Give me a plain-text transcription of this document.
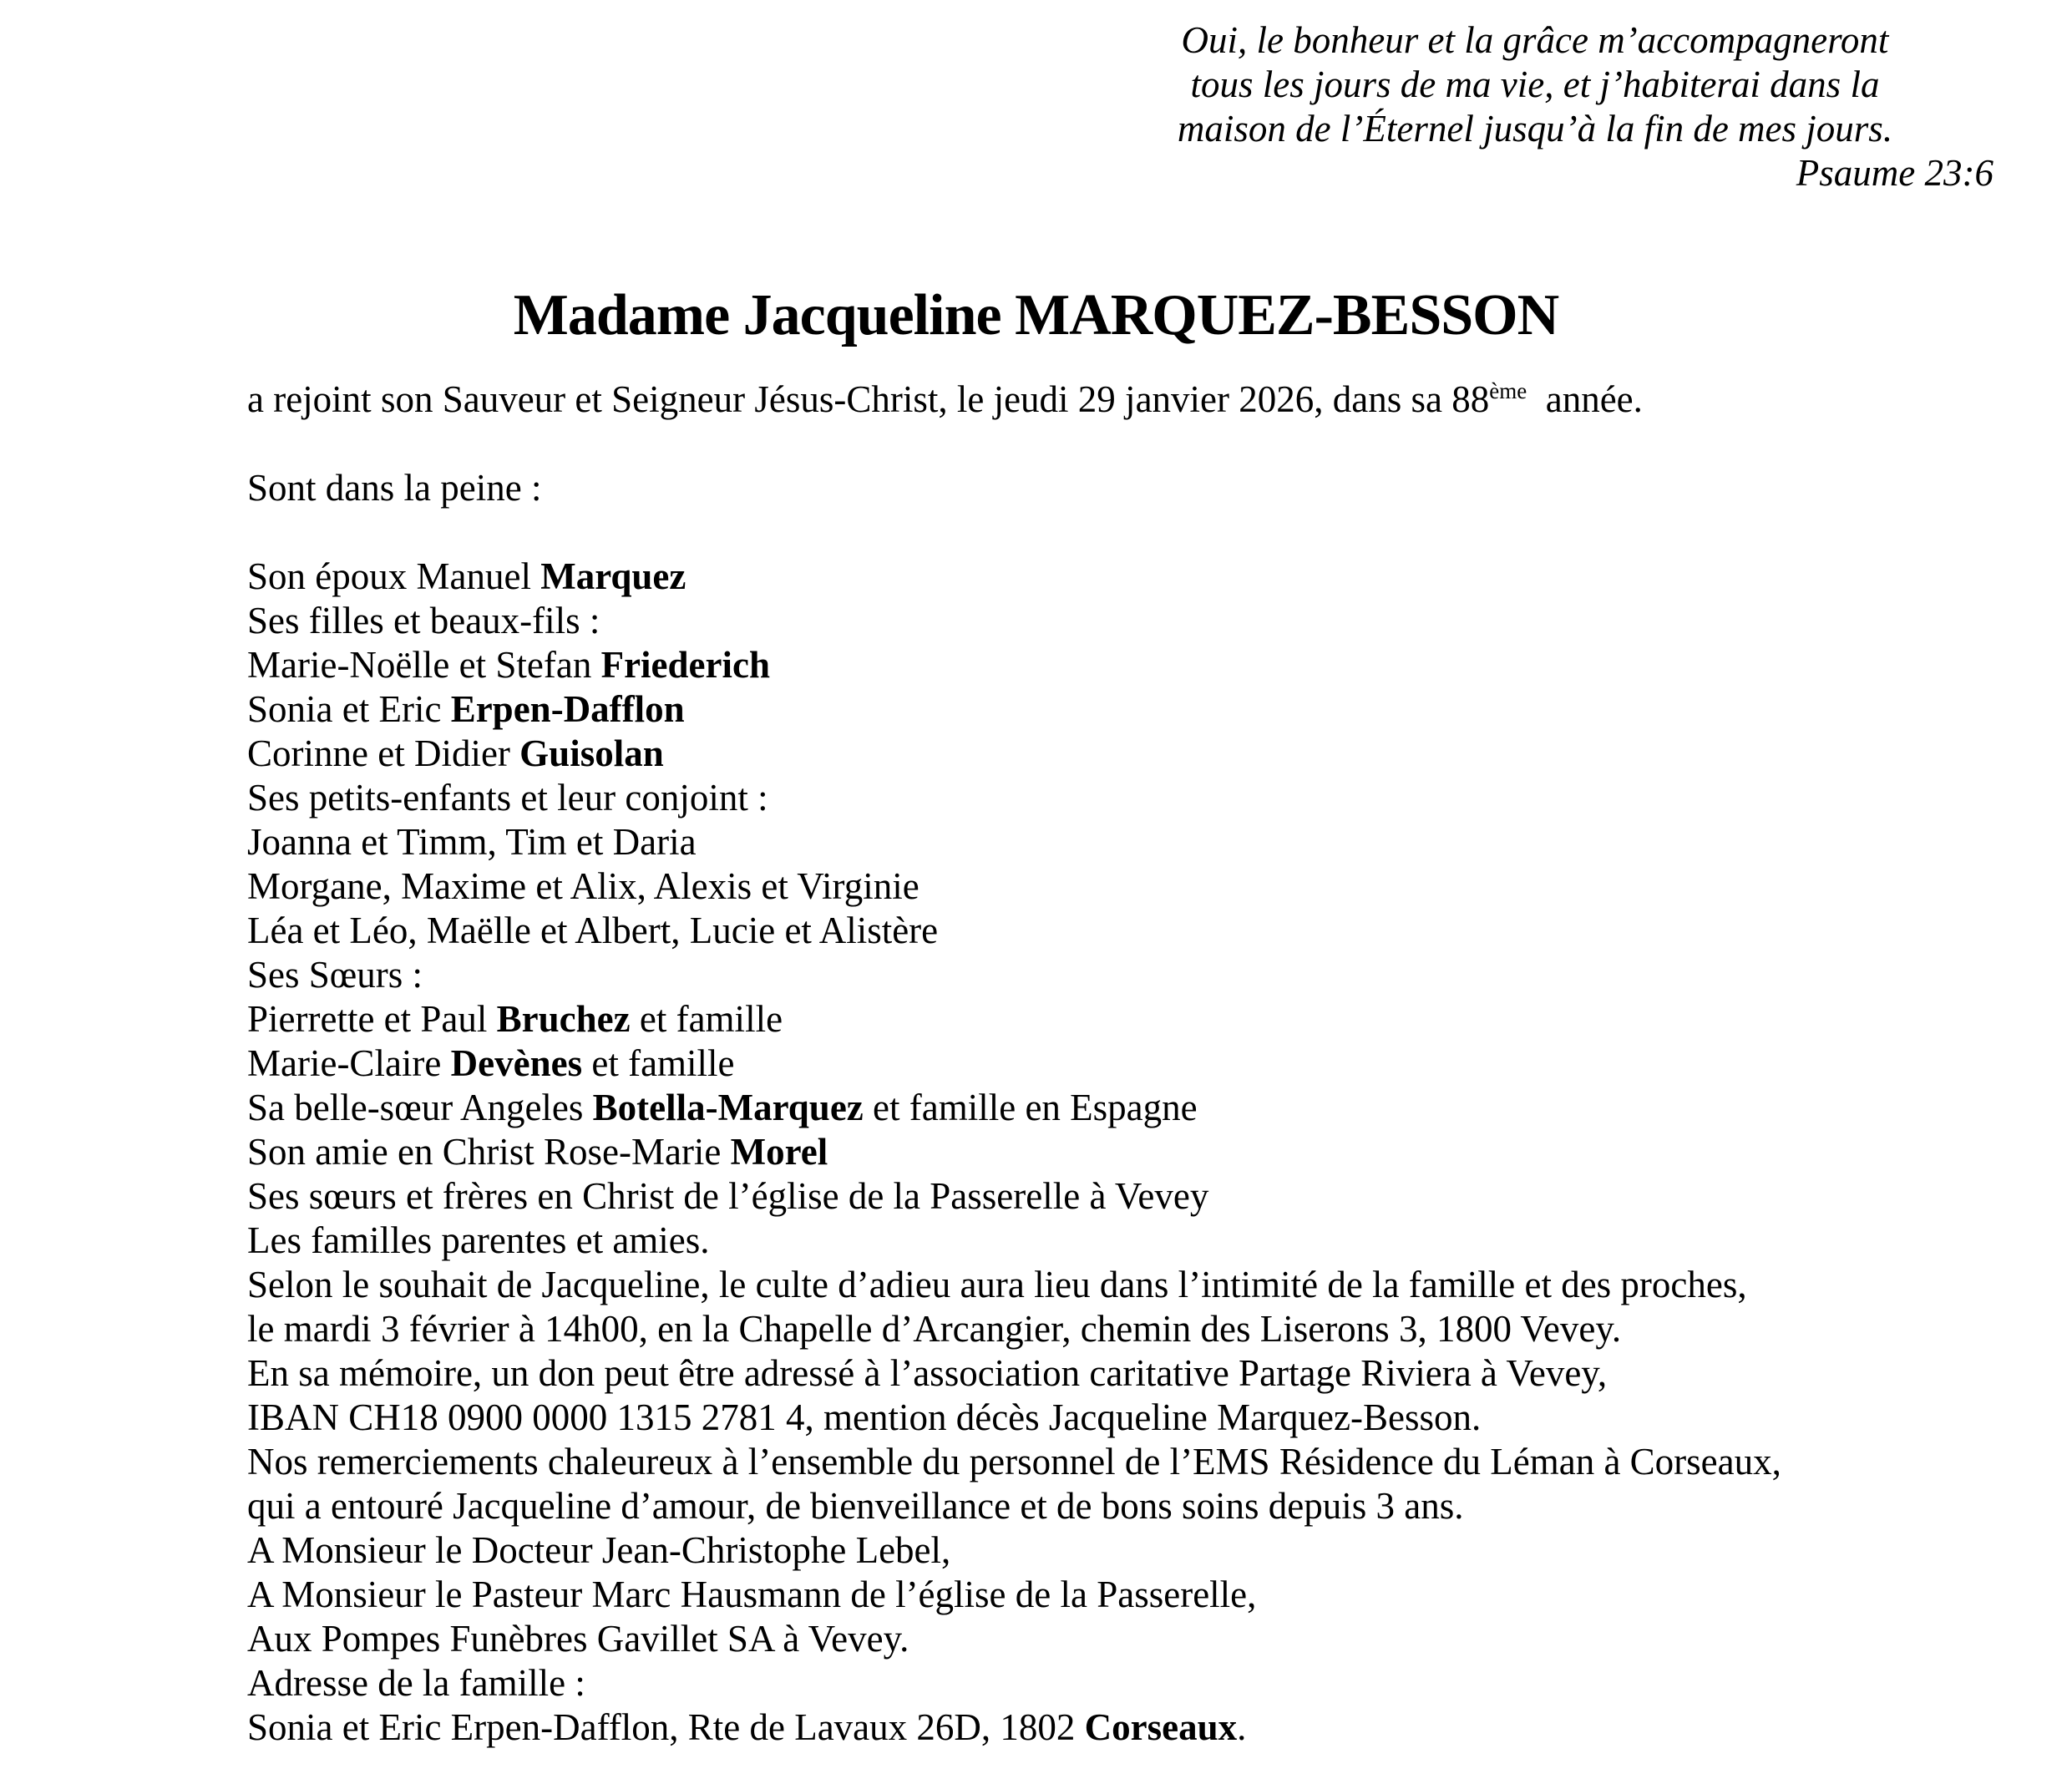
Oui, le bonheur et la grâce m’accompagneront
tous les jours de ma vie, et j’habiterai dans la
maison de l’Éternel jusqu’à la fin de mes jours.
Psaume 23:6
Madame Jacqueline MARQUEZ-BESSON
a rejoint son Sauveur et Seigneur Jésus-Christ, le jeudi 29 janvier 2026, dans sa 88ème  année.
Sont dans la peine :
Son époux Manuel Marquez
Ses filles et beaux-fils :
Marie-Noëlle et Stefan Friederich
Sonia et Eric Erpen-Dafflon
Corinne et Didier Guisolan
Ses petits-enfants et leur conjoint :
Joanna et Timm, Tim et Daria
Morgane, Maxime et Alix, Alexis et Virginie
Léa et Léo, Maëlle et Albert, Lucie et Alistère
Ses Sœurs :
Pierrette et Paul Bruchez et famille
Marie-Claire Devènes et famille
Sa belle-sœur Angeles Botella-Marquez et famille en Espagne
Son amie en Christ Rose-Marie Morel
Ses sœurs et frères en Christ de l’église de la Passerelle à Vevey
Les familles parentes et amies.
Selon le souhait de Jacqueline, le culte d’adieu aura lieu dans l’intimité de la famille et des proches,
le mardi 3 février à 14h00, en la Chapelle d’Arcangier, chemin des Liserons 3, 1800 Vevey.
En sa mémoire, un don peut être adressé à l’association caritative Partage Riviera à Vevey,
IBAN CH18 0900 0000 1315 2781 4, mention décès Jacqueline Marquez-Besson.
Nos remerciements chaleureux à l’ensemble du personnel de l’EMS Résidence du Léman à Corseaux,
qui a entouré Jacqueline d’amour, de bienveillance et de bons soins depuis 3 ans.
A Monsieur le Docteur Jean-Christophe Lebel,
A Monsieur le Pasteur Marc Hausmann de l’église de la Passerelle,
Aux Pompes Funèbres Gavillet SA à Vevey.
Adresse de la famille :
Sonia et Eric Erpen-Dafflon, Rte de Lavaux 26D, 1802 Corseaux.
